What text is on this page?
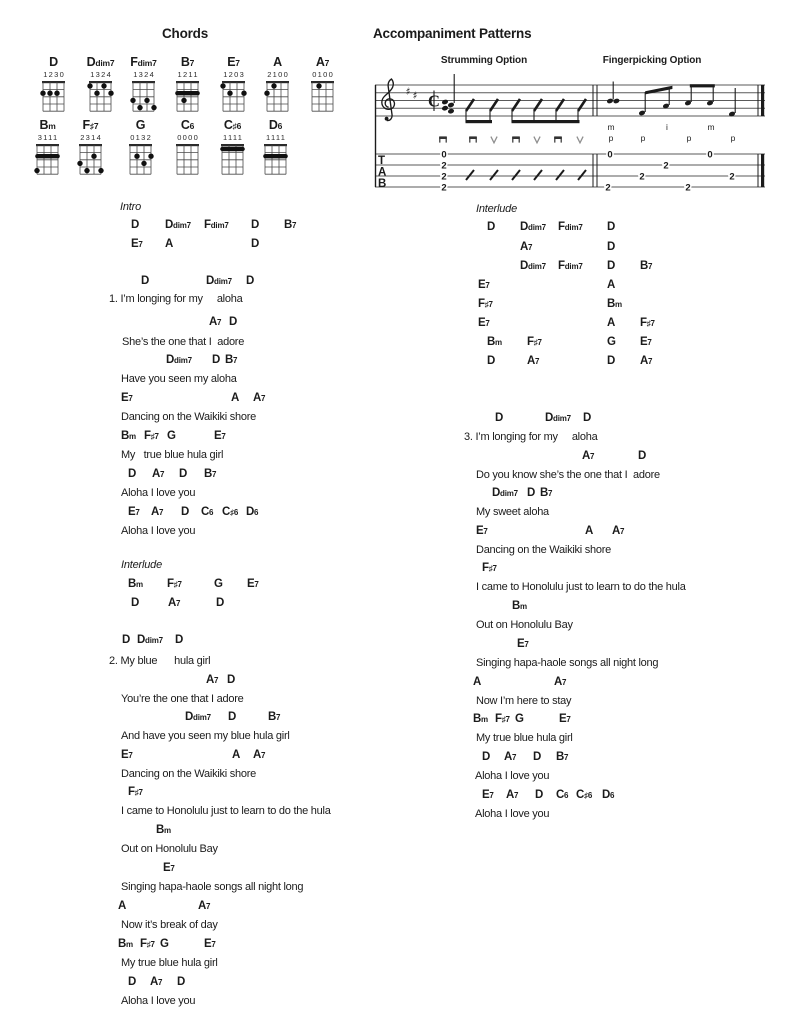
Chords	Accompaniment Patterns
Strumming Option	Fingerpicking Option
D
1230
D dim7
1324
F dim7
1324
B 7
1211
E 7
1203
A
2100
A 7
0100
B m
3111
F ♯7
2314
G
0132
C 6
0000
C ♯6
1111
D 6
1111
♯ ♯ C
m	i	m
p	p	p	p
0
2
2
2
0
2
2
2
2
0
2
T
A
B
Intro
D D dim7 F dim7 D B 7
E 7 A	D
D	D dim7 D
1. I’m longing for my     aloha
A 7 D
She’s the one that I  adore
D dim7 D B 7
Have you seen my aloha
E 7	A A 7
Dancing on the Waikiki shore
B m F ♯7 G	E 7
My   true blue hula girl
D A 7 D B 7
Aloha I love you
E 7 A 7 D C 6 C ♯6 D 6
Aloha I love you
Interlude
B m F ♯7	G E 7
D	A 7	D
D D dim7 D
2. My blue      hula girl
A 7 D
You’re the one that I adore
D dim7 D	B 7
And have you seen my blue hula girl
E 7	A A 7
Dancing on the Waikiki shore
F ♯7
I came to Honolulu just to learn to do the hula
B m
Out on Honolulu Bay
E 7
Singing hapa-haole songs all night long
A	A 7
Now it’s break of day
B m F ♯7 G	E 7
My true blue hula girl
D A 7 D
Aloha I love you
Interlude
D D dim7 F dim7 D
A 7	D
D dim7 F dim7 D B 7
E 7	A
F ♯7	B m
E 7	A F ♯7
B m F ♯7	G E 7
D	A 7	D A 7
D	D dim7 D
3. I’m longing for my     aloha
A 7	D
Do you know she’s the one that I  adore
D dim7 D B 7
My sweet aloha
E 7	A A 7
Dancing on the Waikiki shore
F ♯7
I came to Honolulu just to learn to do the hula
B m
Out on Honolulu Bay
E 7
Singing hapa-haole songs all night long
A	A 7
Now I’m here to stay
B m F ♯7 G	E 7
My true blue hula girl
D A 7 D B 7
Aloha I love you
E 7 A 7 D C 6 C ♯6 D 6
Aloha I love you
